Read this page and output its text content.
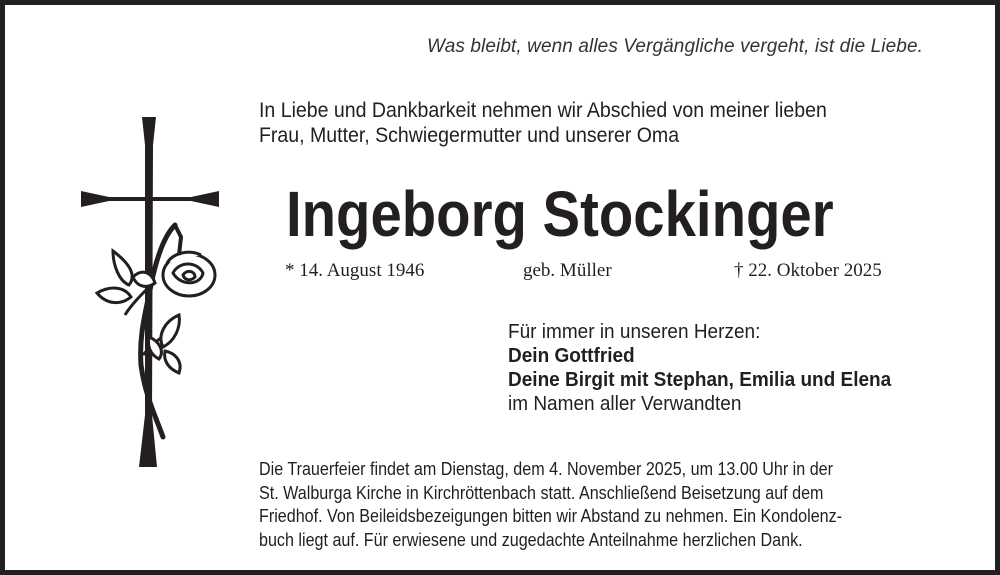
Was bleibt, wenn alles Vergängliche vergeht, ist die Liebe.
In Liebe und Dankbarkeit nehmen wir Abschied von meiner lieben
Frau, Mutter, Schwiegermutter und unserer Oma
Ingeborg Stockinger
* 14. August 1946	geb. Müller	† 22. Oktober 2025
Für immer in unseren Herzen:
Dein Gottfried
Deine Birgit mit Stephan, Emilia und Elena
im Namen aller Verwandten
Die Trauerfeier findet am Dienstag, dem 4. November 2025, um 13.00 Uhr in der
St. Walburga Kirche in Kirchröttenbach statt. Anschließend Beisetzung auf dem
Friedhof. Von Beileidsbezeigungen bitten wir Abstand zu nehmen. Ein Kondolenz-
buch liegt auf. Für erwiesene und zugedachte Anteilnahme herzlichen Dank.
